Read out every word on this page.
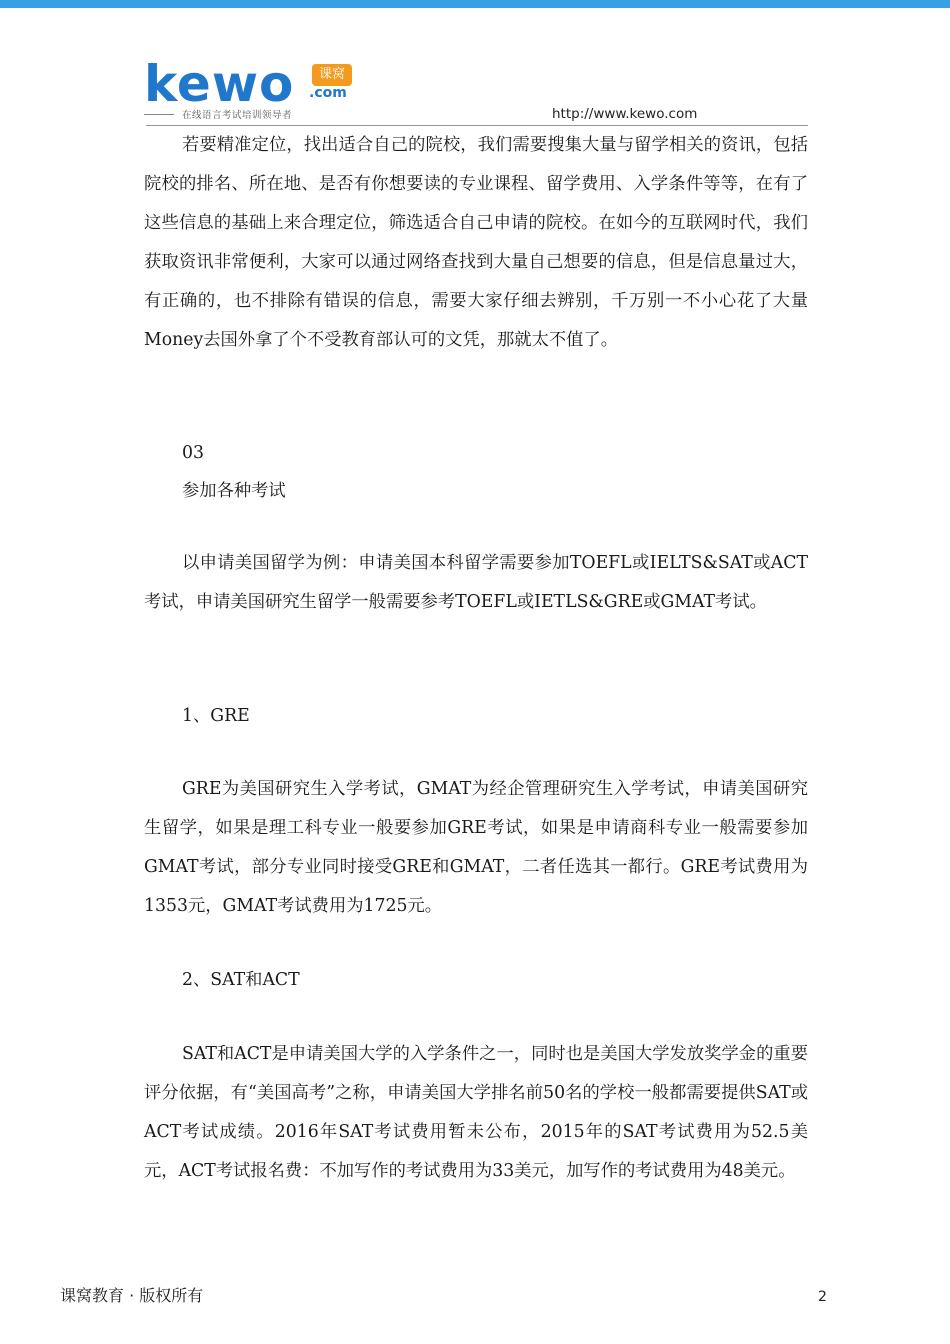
kewo	课窝
.com
在线语言考试培训领导者	http://www.kewo.com

若要精准定位，找出适合自己的院校，我们需要搜集大量与留学相关的资讯，包括院校的排名、所在地、是否有你想要读的专业课程、留学费用、入学条件等等，在有了这些信息的基础上来合理定位，筛选适合自己申请的院校。在如今的互联网时代，我们获取资讯非常便利，大家可以通过网络查找到大量自己想要的信息，但是信息量过大，有正确的，也不排除有错误的信息，需要大家仔细去辨别，千万别一不小心花了大量Money去国外拿了个不受教育部认可的文凭，那就太不值了。

03

参加各种考试

以申请美国留学为例：申请美国本科留学需要参加TOEFL或IELTS&SAT或ACT考试，申请美国研究生留学一般需要参考TOEFL或IETLS&GRE或GMAT考试。

1、GRE

GRE为美国研究生入学考试，GMAT为经企管理研究生入学考试，申请美国研究生留学，如果是理工科专业一般要参加GRE考试，如果是申请商科专业一般需要参加GMAT考试，部分专业同时接受GRE和GMAT，二者任选其一都行。GRE考试费用为1353元，GMAT考试费用为1725元。

2、SAT和ACT

SAT和ACT是申请美国大学的入学条件之一，同时也是美国大学发放奖学金的重要评分依据，有“美国高考”之称，申请美国大学排名前50名的学校一般都需要提供SAT或ACT考试成绩。2016年SAT考试费用暂未公布，2015年的SAT考试费用为52.5美元，ACT考试报名费：不加写作的考试费用为33美元，加写作的考试费用为48美元。

课窝教育 · 版权所有	2
